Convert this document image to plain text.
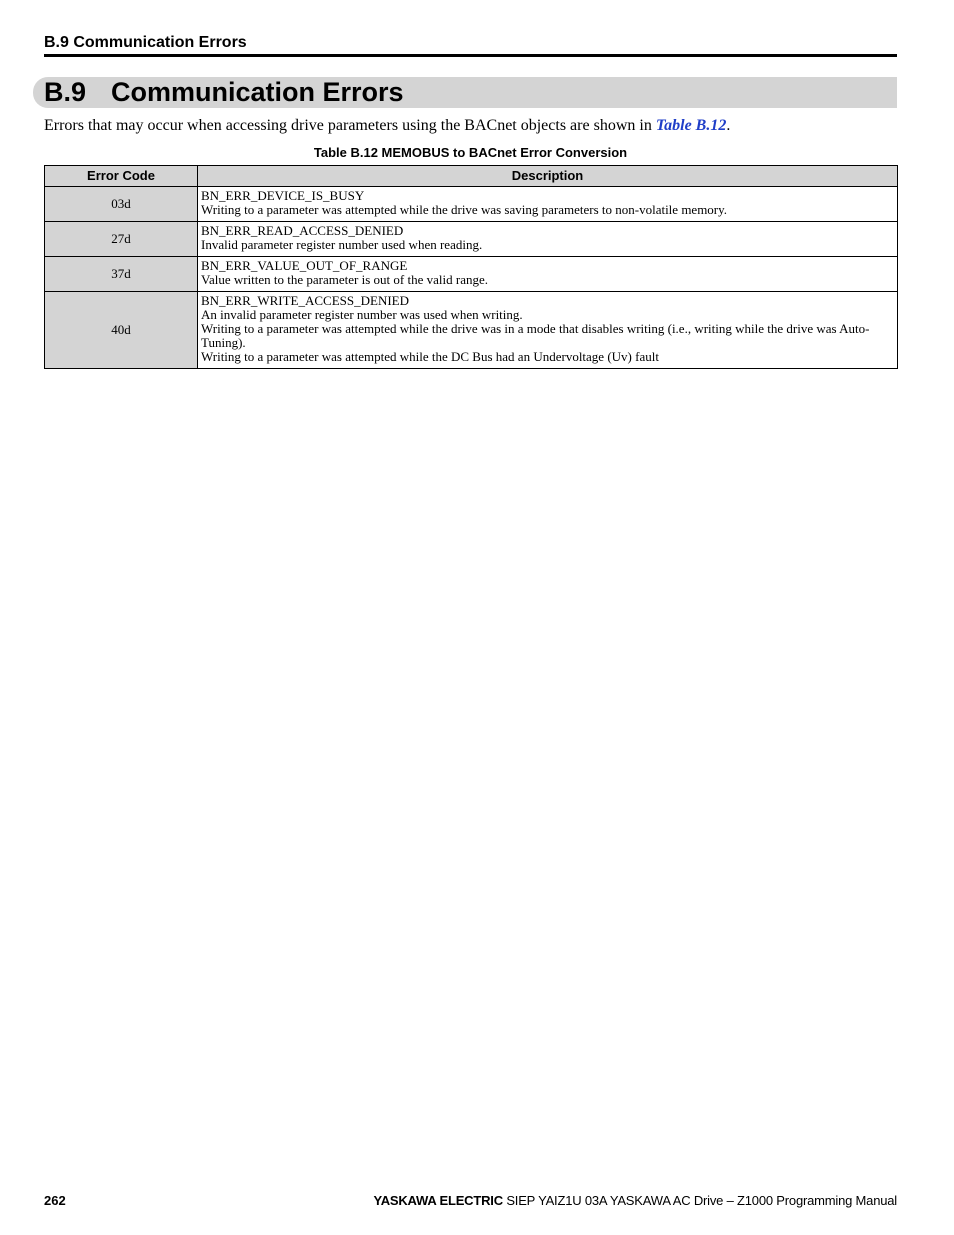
B.9 Communication Errors
B.9 Communication Errors
Errors that may occur when accessing drive parameters using the BACnet objects are shown in Table B.12.
Table B.12 MEMOBUS to BACnet Error Conversion
Error Code	Description
03d	BN_ERR_DEVICE_IS_BUSY
Writing to a parameter was attempted while the drive was saving parameters to non-volatile memory.

27d	BN_ERR_READ_ACCESS_DENIED
Invalid parameter register number used when reading.

37d	BN_ERR_VALUE_OUT_OF_RANGE
Value written to the parameter is out of the valid range.

40d	BN_ERR_WRITE_ACCESS_DENIED
An invalid parameter register number was used when writing.
Writing to a parameter was attempted while the drive was in a mode that disables writing (i.e., writing while the drive was Auto-Tuning).
Writing to a parameter was attempted while the DC Bus had an Undervoltage (Uv) fault
262	YASKAWA ELECTRIC SIEP YAIZ1U 03A YASKAWA AC Drive – Z1000 Programming Manual
